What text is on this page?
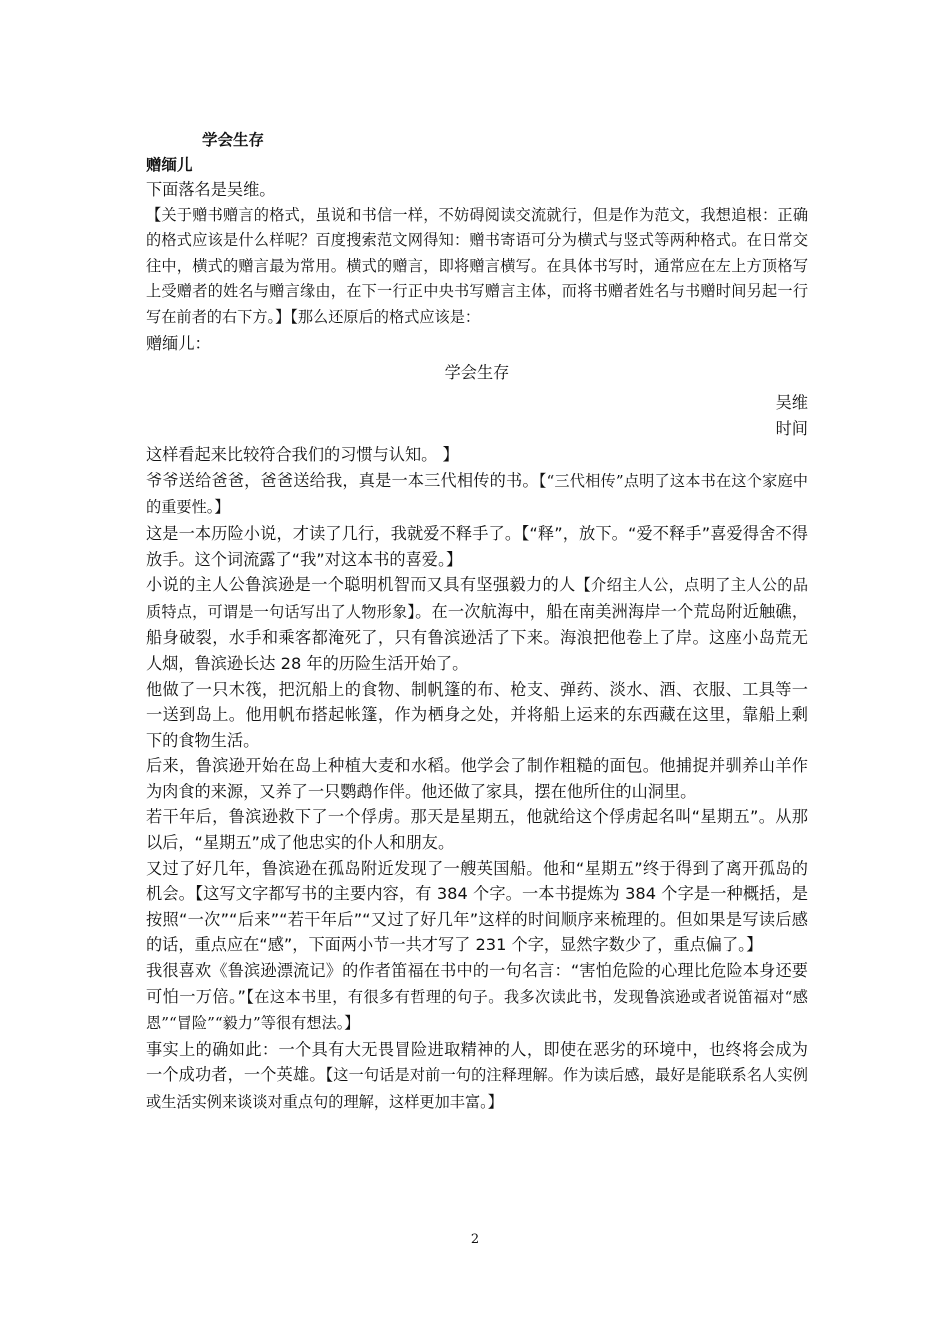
学会生存

赠缅儿

下面落名是吴维。

【关于赠书赠言的格式，虽说和书信一样，不妨碍阅读交流就行，但是作为范文，我想追根：正确的格式应该是什么样呢？百度搜索范文网得知：赠书寄语可分为横式与竖式等两种格式。在日常交往中，横式的赠言最为常用。横式的赠言，即将赠言横写。在具体书写时，通常应在左上方顶格写上受赠者的姓名与赠言缘由，在下一行正中央书写赠言主体，而将书赠者姓名与书赠时间另起一行写在前者的右下方。】【那么还原后的格式应该是：

赠缅儿：

学会生存

吴维

时间

这样看起来比较符合我们的习惯与认知。 】

爷爷送给爸爸，爸爸送给我，真是一本三代相传的书。【“三代相传”点明了这本书在这个家庭中的重要性。】

这是一本历险小说，才读了几行，我就爱不释手了。【“释”，放下。“爱不释手”喜爱得舍不得放手。这个词流露了“我”对这本书的喜爱。】

小说的主人公鲁滨逊是一个聪明机智而又具有坚强毅力的人【介绍主人公，点明了主人公的品质特点，可谓是一句话写出了人物形象】。在一次航海中，船在南美洲海岸一个荒岛附近触礁，船身破裂，水手和乘客都淹死了，只有鲁滨逊活了下来。海浪把他卷上了岸。这座小岛荒无人烟，鲁滨逊长达 28 年的历险生活开始了。

他做了一只木筏，把沉船上的食物、制帆篷的布、枪支、弹药、淡水、酒、衣服、工具等一一送到岛上。他用帆布搭起帐篷，作为栖身之处，并将船上运来的东西藏在这里，靠船上剩下的食物生活。

后来，鲁滨逊开始在岛上种植大麦和水稻。他学会了制作粗糙的面包。他捕捉并驯养山羊作为肉食的来源，又养了一只鹦鹉作伴。他还做了家具，摆在他所住的山洞里。

若干年后，鲁滨逊救下了一个俘虏。那天是星期五，他就给这个俘虏起名叫“星期五”。从那以后，“星期五”成了他忠实的仆人和朋友。

又过了好几年，鲁滨逊在孤岛附近发现了一艘英国船。他和“星期五”终于得到了离开孤岛的机会。【这写文字都写书的主要内容，有 384 个字。一本书提炼为 384 个字是一种概括，是按照“一次”“后来”“若干年后”“又过了好几年”这样的时间顺序来梳理的。但如果是写读后感的话，重点应在“感”，下面两小节一共才写了 231 个字，显然字数少了，重点偏了。】

我很喜欢《鲁滨逊漂流记》的作者笛福在书中的一句名言：“害怕危险的心理比危险本身还要可怕一万倍。”【在这本书里，有很多有哲理的句子。我多次读此书，发现鲁滨逊或者说笛福对“感恩”“冒险”“毅力”等很有想法。】

事实上的确如此：一个具有大无畏冒险进取精神的人，即使在恶劣的环境中，也终将会成为一个成功者，一个英雄。【这一句话是对前一句的注释理解。作为读后感，最好是能联系名人实例或生活实例来谈谈对重点句的理解，这样更加丰富。】

2
